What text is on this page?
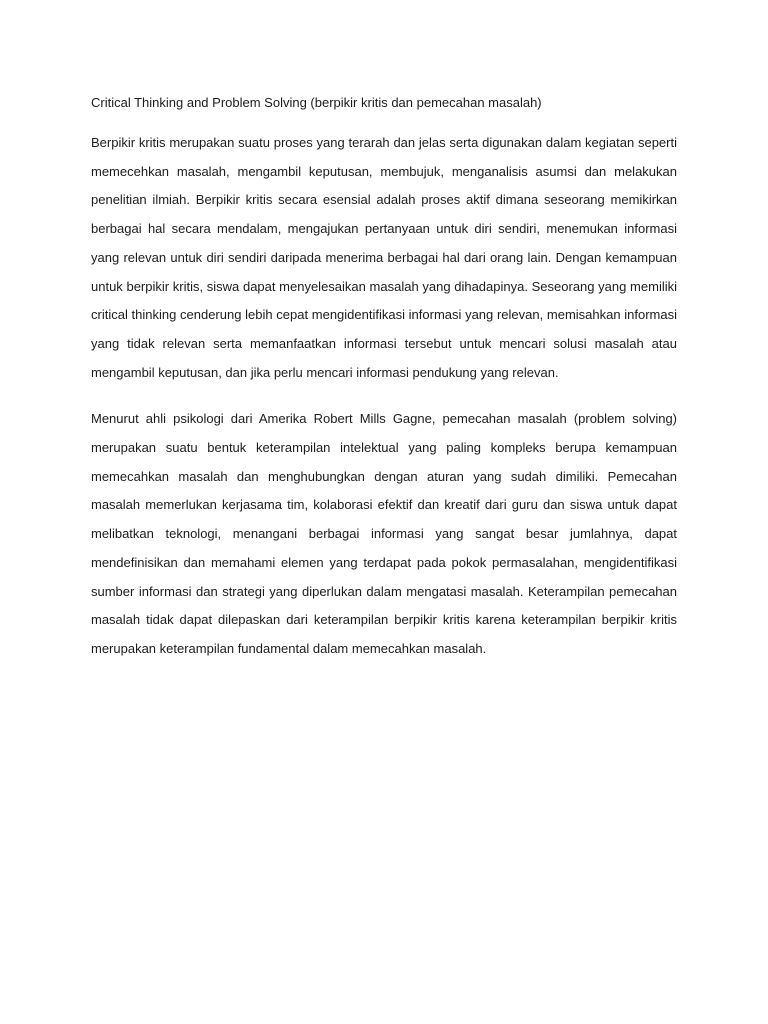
Critical Thinking and Problem Solving (berpikir kritis dan pemecahan masalah)

Berpikir kritis merupakan suatu proses yang terarah dan jelas serta digunakan dalam kegiatan seperti memecehkan masalah, mengambil keputusan, membujuk, menganalisis asumsi dan melakukan penelitian ilmiah. Berpikir kritis secara esensial adalah proses aktif dimana seseorang memikirkan berbagai hal secara mendalam, mengajukan pertanyaan untuk diri sendiri, menemukan informasi yang relevan untuk diri sendiri daripada menerima berbagai hal dari orang lain. Dengan kemampuan untuk berpikir kritis, siswa dapat menyelesaikan masalah yang dihadapinya. Seseorang yang memiliki critical thinking cenderung lebih cepat mengidentifikasi informasi yang relevan, memisahkan informasi yang tidak relevan serta memanfaatkan informasi tersebut untuk mencari solusi masalah atau mengambil keputusan, dan jika perlu mencari informasi pendukung yang relevan.

Menurut ahli psikologi dari Amerika Robert Mills Gagne, pemecahan masalah (problem solving) merupakan suatu bentuk keterampilan intelektual yang paling kompleks berupa kemampuan memecahkan masalah dan menghubungkan dengan aturan yang sudah dimiliki. Pemecahan masalah memerlukan kerjasama tim, kolaborasi efektif dan kreatif dari guru dan siswa untuk dapat melibatkan teknologi, menangani berbagai informasi yang sangat besar jumlahnya, dapat mendefinisikan dan memahami elemen yang terdapat pada pokok permasalahan, mengidentifikasi sumber informasi dan strategi yang diperlukan dalam mengatasi masalah. Keterampilan pemecahan masalah tidak dapat dilepaskan dari keterampilan berpikir kritis karena keterampilan berpikir kritis merupakan keterampilan fundamental dalam memecahkan masalah.
